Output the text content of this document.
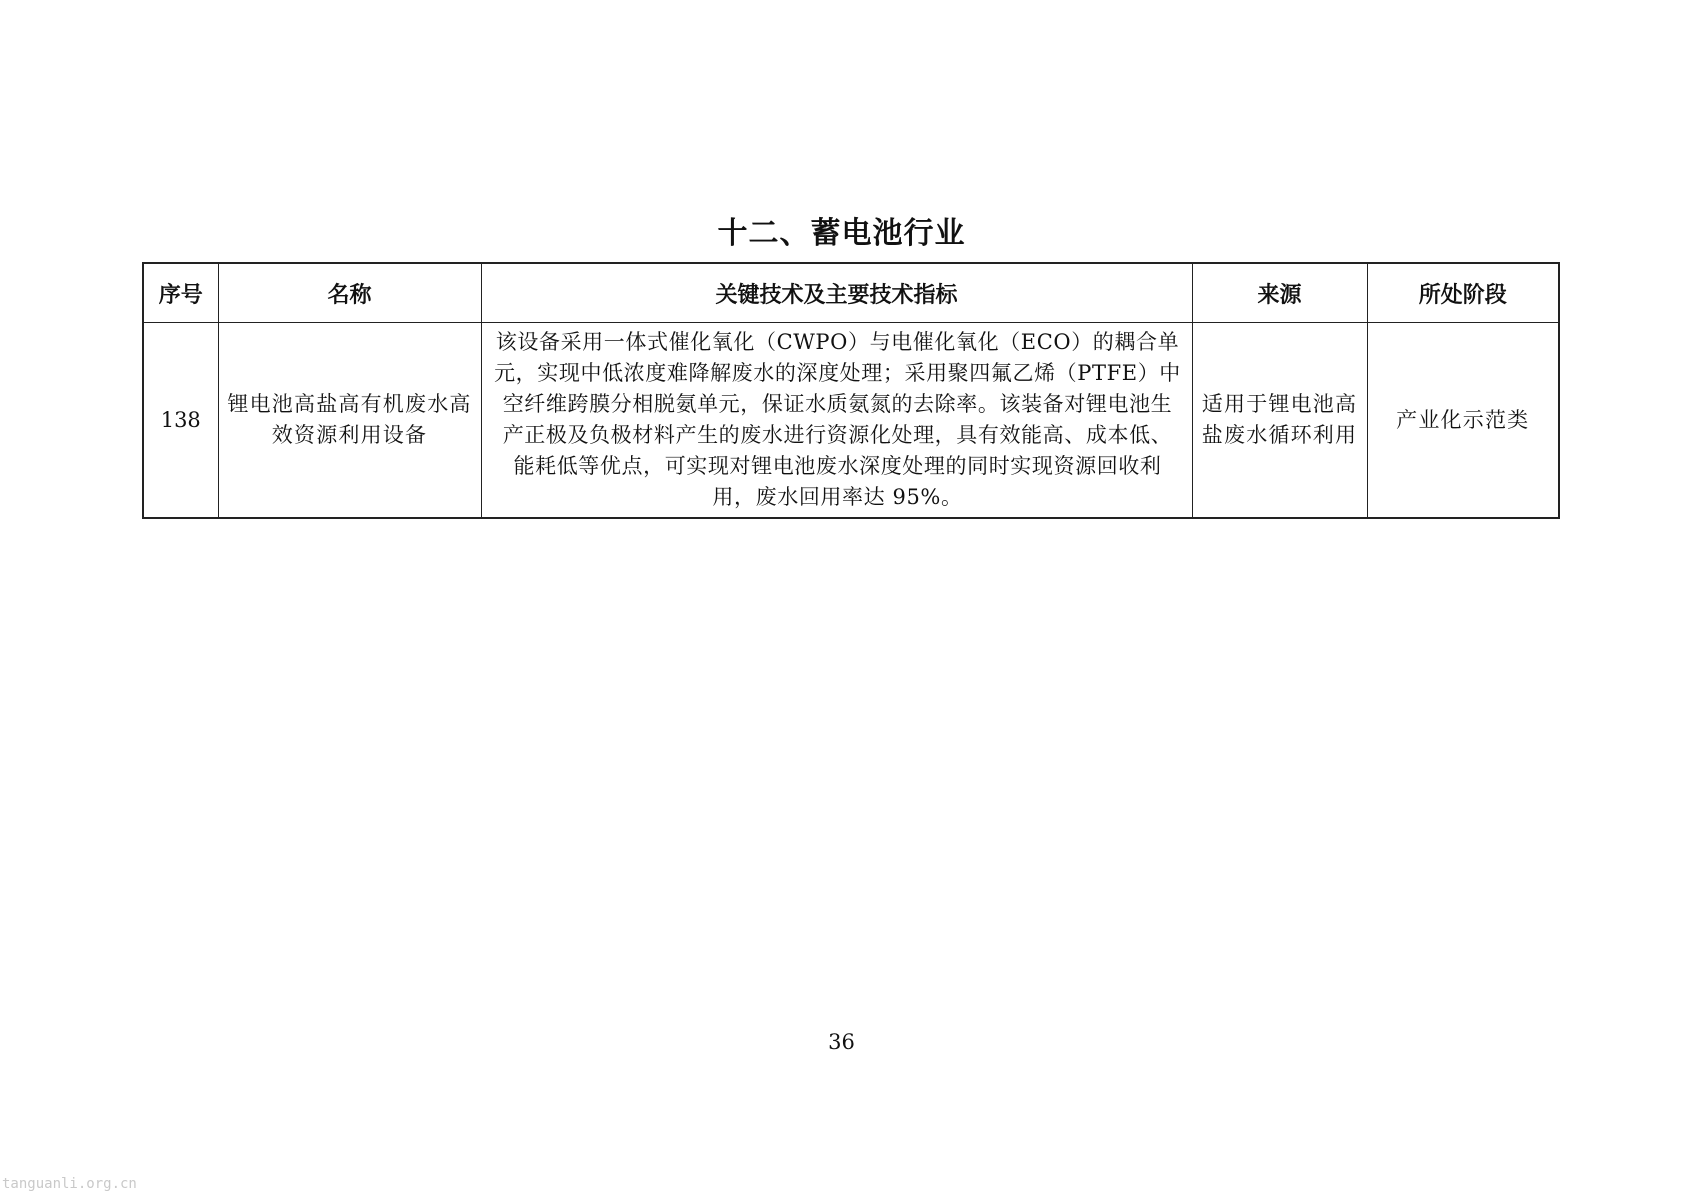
十二、蓄电池行业
序号	名称	关键技术及主要技术指标	来源	所处阶段
138	锂电池高盐高有机废水高效资源利用设备	该设备采用一体式催化氧化（CWPO）与电催化氧化（ECO）的耦合单元，实现中低浓度难降解废水的深度处理；采用聚四氟乙烯（PTFE）中空纤维跨膜分相脱氨单元，保证水质氨氮的去除率。该装备对锂电池生产正极及负极材料产生的废水进行资源化处理，具有效能高、成本低、能耗低等优点，可实现对锂电池废水深度处理的同时实现资源回收利用，废水回用率达 95%。	适用于锂电池高盐废水循环利用	产业化示范类
36
tanguanli.org.cn
